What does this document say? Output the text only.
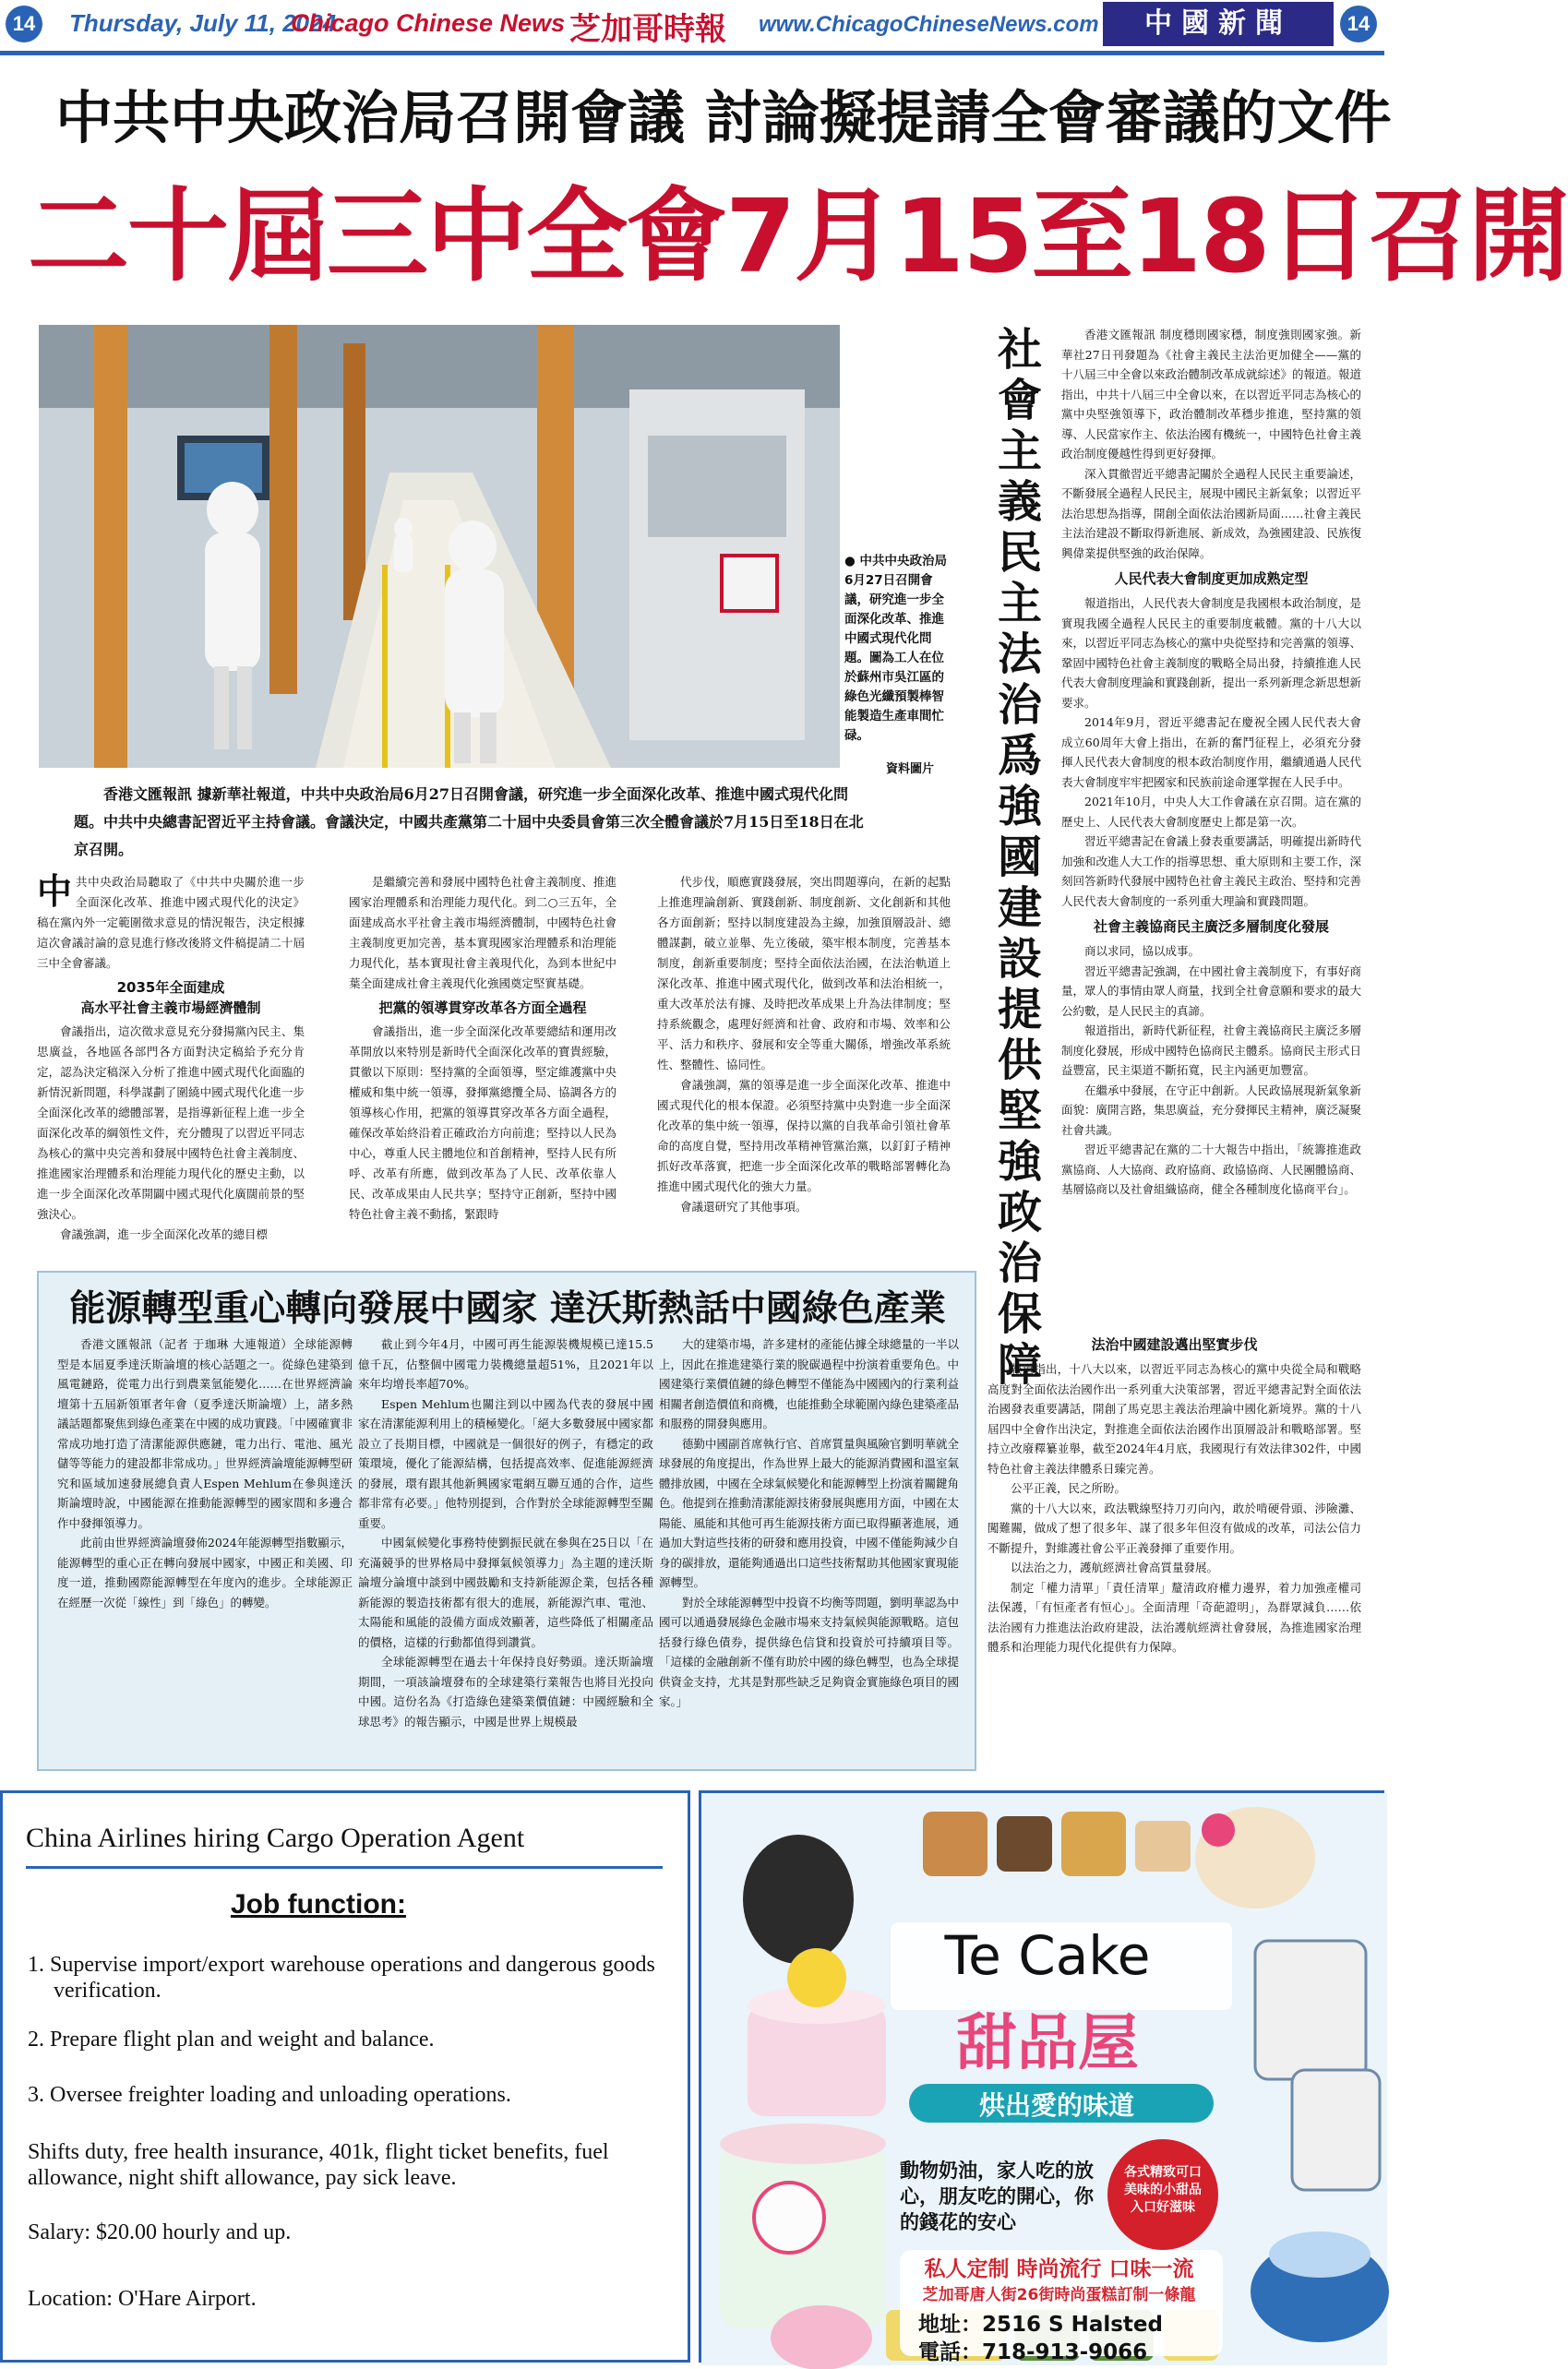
14 Thursday, July 11, 2024
Chicago Chinese News 芝加哥時報 www.ChicagoChineseNews.com	中國新聞	14
中共中央政治局召開會議 討論擬提請全會審議的文件
二十屆三中全會7月15至18日召開
● 中共中央政治局6月27日召開會議，研究進一步全面深化改革、推進中國式現代化問題。圖為工人在位於蘇州市吳江區的綠色光纖預製棒智能製造生產車間忙碌。
資料圖片
香港文匯報訊 據新華社報道，中共中央政治局6月27日召開會議，研究進一步全面深化改革、推進中國式現代化問題。中共中央總書記習近平主持會議。會議決定，中國共產黨第二十屆中央委員會第三次全體會議於7月15日至18日在北京召開。

中共中央政治局聽取了《中共中央關於進一步全面深化改革、推進中國式現代化的決定》稿在黨內外一定範圍徵求意見的情況報告，決定根據這次會議討論的意見進行修改後將文件稿提請二十屆三中全會審議。

2035年全面建成
高水平社會主義市場經濟體制

會議指出，這次徵求意見充分發揚黨內民主、集思廣益，各地區各部門各方面對決定稿給予充分肯定，認為決定稿深入分析了推進中國式現代化面臨的新情況新問題，科學謀劃了圍繞中國式現代化進一步全面深化改革的總體部署，是指導新征程上進一步全面深化改革的綱領性文件，充分體現了以習近平同志為核心的黨中央完善和發展中國特色社會主義制度、推進國家治理體系和治理能力現代化的歷史主動，以進一步全面深化改革開闢中國式現代化廣闊前景的堅強決心。

會議強調，進一步全面深化改革的總目標

是繼續完善和發展中國特色社會主義制度、推進國家治理體系和治理能力現代化。到二○三五年，全面建成高水平社會主義市場經濟體制，中國特色社會主義制度更加完善，基本實現國家治理體系和治理能力現代化，基本實現社會主義現代化，為到本世紀中葉全面建成社會主義現代化強國奠定堅實基礎。

把黨的領導貫穿改革各方面全過程

會議指出，進一步全面深化改革要總結和運用改革開放以來特別是新時代全面深化改革的寶貴經驗，貫徹以下原則：堅持黨的全面領導，堅定維護黨中央權威和集中統一領導，發揮黨總攬全局、協調各方的領導核心作用，把黨的領導貫穿改革各方面全過程，確保改革始終沿着正確政治方向前進；堅持以人民為中心，尊重人民主體地位和首創精神，堅持人民有所呼、改革有所應，做到改革為了人民、改革依靠人民、改革成果由人民共享；堅持守正創新，堅持中國特色社會主義不動搖，緊跟時

代步伐，順應實踐發展，突出問題導向，在新的起點上推進理論創新、實踐創新、制度創新、文化創新和其他各方面創新；堅持以制度建設為主線，加強頂層設計、總體謀劃，破立並舉、先立後破，築牢根本制度，完善基本制度，創新重要制度；堅持全面依法治國，在法治軌道上深化改革、推進中國式現代化，做到改革和法治相統一，重大改革於法有據、及時把改革成果上升為法律制度；堅持系統觀念，處理好經濟和社會、政府和市場、效率和公平、活力和秩序、發展和安全等重大關係，增強改革系統性、整體性、協同性。

會議強調，黨的領導是進一步全面深化改革、推進中國式現代化的根本保證。必須堅持黨中央對進一步全面深化改革的集中統一領導，保持以黨的自我革命引領社會革命的高度自覺，堅持用改革精神管黨治黨，以釘釘子精神抓好改革落實，把進一步全面深化改革的戰略部署轉化為推進中國式現代化的強大力量。

會議還研究了其他事項。

社會主義民主法治爲強國建設提供堅強政治保障

香港文匯報訊 制度穩則國家穩，制度強則國家強。新華社27日刊發題為《社會主義民主法治更加健全——黨的十八屆三中全會以來政治體制改革成就綜述》的報道。報道指出，中共十八屆三中全會以來，在以習近平同志為核心的黨中央堅強領導下，政治體制改革穩步推進，堅持黨的領導、人民當家作主、依法治國有機統一，中國特色社會主義政治制度優越性得到更好發揮。

深入貫徹習近平總書記關於全過程人民民主重要論述，不斷發展全過程人民民主，展現中國民主新氣象；以習近平法治思想為指導，開創全面依法治國新局面……社會主義民主法治建設不斷取得新進展、新成效，為強國建設、民族復興偉業提供堅強的政治保障。

人民代表大會制度更加成熟定型

報道指出，人民代表大會制度是我國根本政治制度，是實現我國全過程人民民主的重要制度載體。黨的十八大以來，以習近平同志為核心的黨中央從堅持和完善黨的領導、鞏固中國特色社會主義制度的戰略全局出發，持續推進人民代表大會制度理論和實踐創新，提出一系列新理念新思想新要求。

2014年9月，習近平總書記在慶祝全國人民代表大會成立60周年大會上指出，在新的奮鬥征程上，必須充分發揮人民代表大會制度的根本政治制度作用，繼續通過人民代表大會制度牢牢把國家和民族前途命運掌握在人民手中。

2021年10月，中央人大工作會議在京召開。這在黨的歷史上、人民代表大會制度歷史上都是第一次。

習近平總書記在會議上發表重要講話，明確提出新時代加強和改進人大工作的指導思想、重大原則和主要工作，深刻回答新時代發展中國特色社會主義民主政治、堅持和完善人民代表大會制度的一系列重大理論和實踐問題。

社會主義協商民主廣泛多層制度化發展

商以求同，協以成事。

習近平總書記強調，在中國社會主義制度下，有事好商量，眾人的事情由眾人商量，找到全社會意願和要求的最大公約數，是人民民主的真諦。

報道指出，新時代新征程，社會主義協商民主廣泛多層制度化發展，形成中國特色協商民主體系。協商民主形式日益豐富，民主渠道不斷拓寬，民主內涵更加豐富。

在繼承中發展，在守正中創新。人民政協展現新氣象新面貌：廣開言路，集思廣益，充分發揮民主精神，廣泛凝聚社會共識。

習近平總書記在黨的二十大報告中指出，「統籌推進政黨協商、人大協商、政府協商、政協協商、人民團體協商、基層協商以及社會組織協商，健全各種制度化協商平台」。

法治中國建設邁出堅實步伐

報道指出，十八大以來，以習近平同志為核心的黨中央從全局和戰略高度對全面依法治國作出一系列重大決策部署，習近平總書記對全面依法治國發表重要講話，開創了馬克思主義法治理論中國化新境界。黨的十八屆四中全會作出決定，對推進全面依法治國作出頂層設計和戰略部署。堅持立改廢釋纂並舉，截至2024年4月底，我國現行有效法律302件，中國特色社會主義法律體系日臻完善。

公平正義，民之所盼。

黨的十八大以來，政法戰線堅持刀刃向內，敢於啃硬骨頭、涉險灘、闖難關，做成了想了很多年、謀了很多年但沒有做成的改革，司法公信力不斷提升，對維護社會公平正義發揮了重要作用。

以法治之力，護航經濟社會高質量發展。

制定「權力清單」「責任清單」釐清政府權力邊界，着力加強產權司法保護，「有恒產者有恒心」。全面清理「奇葩證明」，為群眾減負……依法治國有力推進法治政府建設，法治護航經濟社會發展，為推進國家治理體系和治理能力現代化提供有力保障。

能源轉型重心轉向發展中國家 達沃斯熱話中國綠色產業

香港文匯報訊（記者 于珈琳 大連報道）全球能源轉型是本屆夏季達沃斯論壇的核心話題之一。從綠色建築到風電鏈路，從電力出行到農業氫能變化……在世界經濟論壇第十五屆新領軍者年會（夏季達沃斯論壇）上，諸多熱議話題都聚焦到綠色產業在中國的成功實踐。「中國確實非常成功地打造了清潔能源供應鏈，電力出行、電池、風光儲等等能力的建設都非常成功。」世界經濟論壇能源轉型研究和區域加速發展總負責人Espen Mehlum在參與達沃斯論壇時說，中國能源在推動能源轉型的國家間和多邊合作中發揮領導力。

此前由世界經濟論壇發佈2024年能源轉型指數顯示，能源轉型的重心正在轉向發展中國家，中國正和美國、印度一道，推動國際能源轉型在年度內的進步。全球能源正在經歷一次從「線性」到「綠色」的轉變。

截止到今年4月，中國可再生能源裝機規模已達15.5億千瓦，佔整個中國電力裝機總量超51%，且2021年以來年均增長率超70%。

Espen Mehlum也關注到以中國為代表的發展中國家在清潔能源利用上的積極變化。「絕大多數發展中國家都設立了長期目標，中國就是一個很好的例子，有穩定的政策環境，優化了能源結構，包括提高效率、促進能源經濟的發展，環有跟其他新興國家電網互聯互通的合作，這些都非常有必要。」他特別提到，合作對於全球能源轉型至關重要。

中國氣候變化事務特使劉振民就在參與在25日以「在充滿競爭的世界格局中發揮氣候領導力」為主題的達沃斯論壇分論壇中談到中國鼓勵和支持新能源企業，包括各種新能源的製造技術都有很大的進展，新能源汽車、電池、太陽能和風能的設備方面成效顯著，這些降低了相關產品的價格，這樣的行動都值得到讚賞。

全球能源轉型在過去十年保持良好勢頭。達沃斯論壇期間，一項該論壇發布的全球建築行業報告也將目光投向中國。這份名為《打造綠色建築業價值鏈：中國經驗和全球思考》的報告顯示，中國是世界上規模最

大的建築市場，許多建材的產能佔據全球總量的一半以上，因此在推進建築行業的脫碳過程中扮演着重要角色。中國建築行業價值鏈的綠色轉型不僅能為中國國內的行業利益相關者創造價值和商機，也能推動全球範圍內綠色建築產品和服務的開發與應用。

德勤中國副首席執行官、首席質量與風險官劉明華就全球發展的角度提出，作為世界上最大的能源消費國和溫室氣體排放國，中國在全球氣候變化和能源轉型上扮演着關鍵角色。他提到在推動清潔能源技術發展與應用方面，中國在太陽能、風能和其他可再生能源技術方面已取得顯著進展，通過加大對這些技術的研發和應用投資，中國不僅能夠減少自身的碳排放，還能夠通過出口這些技術幫助其他國家實現能源轉型。

對於全球能源轉型中投資不均衡等問題，劉明華認為中國可以通過發展綠色金融市場來支持氣候與能源戰略。這包括發行綠色債券，提供綠色信貸和投資於可持續項目等。「這樣的金融創新不僅有助於中國的綠色轉型，也為全球提供資金支持，尤其是對那些缺乏足夠資金實施綠色項目的國家。」

China Airlines hiring Cargo Operation Agent
Job function:
1. Supervise import/export warehouse operations and dangerous goods verification.
2. Prepare flight plan and weight and balance.
3. Oversee freighter loading and unloading operations.
Shifts duty, free health insurance, 401k, flight ticket benefits, fuel allowance, night shift allowance, pay sick leave.
Salary: $20.00 hourly and up.
Location: O'Hare Airport.
Te Cake
甜品屋
烘出愛的味道
動物奶油，家人吃的放心，朋友吃的開心，你的錢花的安心
各式精致可口美味的小甜品入口好滋味
私人定制 時尚流行 口味一流
芝加哥唐人街26街時尚蛋糕訂制一條龍
地址：2516 S Halsted
電話：718-913-9066
